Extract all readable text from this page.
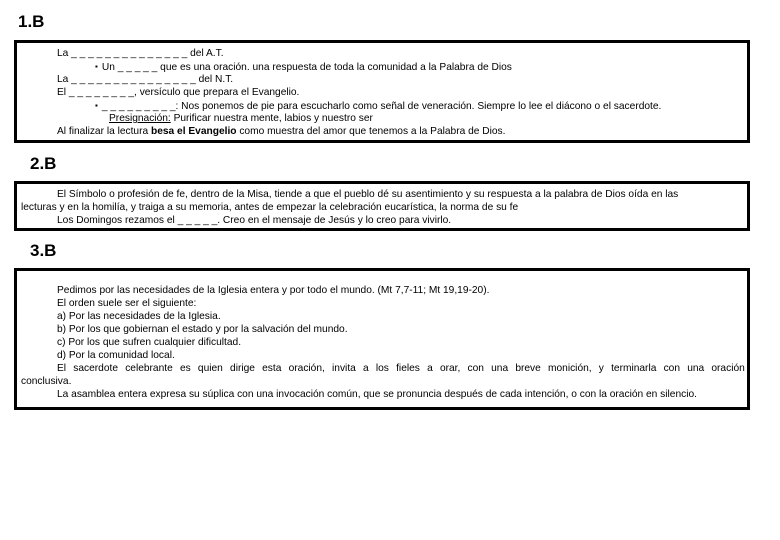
1.B
La _ _ _ _ _ _ _ _ _ _ _ _ _ _ del A.T.
▪ Un _ _ _ _ _ que es una oración. una respuesta de toda la comunidad a la Palabra de Dios
La _ _ _ _ _ _ _ _ _ _ _ _ _ _ _ del N.T.
El _ _ _ _ _ _ _ _, versículo que prepara el Evangelio.
▪ _ _ _ _ _ _ _ _ _: Nos ponemos de pie para escucharlo como señal de veneración. Siempre lo lee el diácono o el sacerdote.
Presignación: Purificar nuestra mente, labios y nuestro ser
Al finalizar la lectura besa el Evangelio como muestra del amor que tenemos a la Palabra de Dios.
2.B
El Símbolo o profesión de fe, dentro de la Misa, tiende a que el pueblo dé su asentimiento y su respuesta a la palabra de Dios oída en las
lecturas y en la homilía, y traiga a su memoria, antes de empezar la celebración eucarística, la norma de su fe
Los Domingos rezamos el _ _ _ _ _. Creo en el mensaje de Jesús y lo creo para vivirlo.
3.B
Pedimos por las necesidades de la Iglesia entera y por todo el mundo. (Mt 7,7-11; Mt 19,19-20).
El orden suele ser el siguiente:
a) Por las necesidades de la Iglesia.
b) Por los que gobiernan el estado y por la salvación del mundo.
c) Por los que sufren cualquier dificultad.
d) Por la comunidad local.
El sacerdote celebrante es quien dirige esta oración, invita a los fieles a orar, con una breve monición, y terminarla con una oración
conclusiva.
La asamblea entera expresa su súplica con una invocación común, que se pronuncia después de cada intención, o con la oración en silencio.
